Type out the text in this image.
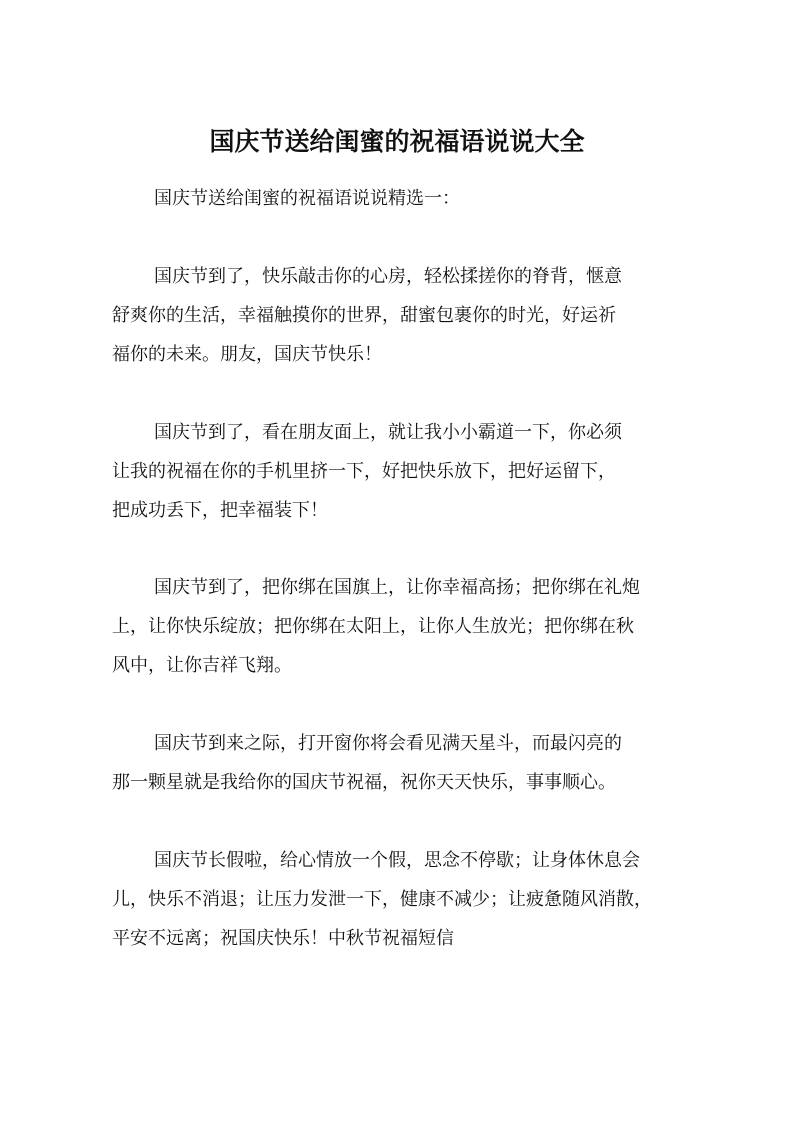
国庆节送给闺蜜的祝福语说说大全

国庆节送给闺蜜的祝福语说说精选一：

国庆节到了，快乐敲击你的心房，轻松揉搓你的脊背，惬意

舒爽你的生活，幸福触摸你的世界，甜蜜包裹你的时光，好运祈

福你的未来。朋友，国庆节快乐！

国庆节到了，看在朋友面上，就让我小小霸道一下，你必须

让我的祝福在你的手机里挤一下，好把快乐放下，把好运留下，

把成功丢下，把幸福装下！

国庆节到了，把你绑在国旗上，让你幸福高扬；把你绑在礼炮

上，让你快乐绽放；把你绑在太阳上，让你人生放光；把你绑在秋

风中，让你吉祥飞翔。

国庆节到来之际，打开窗你将会看见满天星斗，而最闪亮的

那一颗星就是我给你的国庆节祝福，祝你天天快乐，事事顺心。

国庆节长假啦，给心情放一个假，思念不停歇；让身体休息会

儿，快乐不消退；让压力发泄一下，健康不减少；让疲惫随风消散，

平安不远离；祝国庆快乐！中秋节祝福短信
